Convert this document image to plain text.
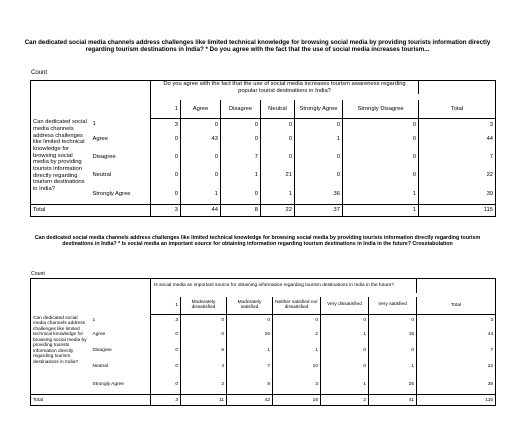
Can dedicated social media channels address challenges like limited technical knowledge for browsing social media by providing tourists information directly regarding tourism destinations in India? * Do you agree with the fact that the use of social media increases tourism...
Count
		Do you agree with the fact that the use of social media increases tourism awareness regarding popular tourist destinations in India?						

		1	Agree	Disagree	Neutral	Strongly Agree	Strongly Disagree	Total
Can dedicated social media channels address challenges like limited technical knowledge for browsing social media by providing tourists information directly regarding tourism destinations in India?	1	3	0	0	0	0	0	3
	Agree	0	43	0	0	1	0	44
	Disagree	0	0	7	0	0	0	7
	Neutral	0	0	1	21	0	0	22
	Strongly Agree	0	1	0	1	36	1	39
Total		3	44	8	22	37	1	115
Can dedicated social media channels address challenges like limited technical knowledge for browsing social media by providing tourists information directly regarding tourism destinations in India? * Is social media an important source for obtaining information regarding tourism destinations in India in the future? Crosstabulation
Count
		Is social media an important source for obtaining information regarding tourism destinations in India in the future?						

		1	Moderately dissatisfied	Moderately satisfied	Neither satisfied nor dissatisfied	Very dissatisfied	Very satisfied	Total
Can dedicated social media channels address challenges like limited technical knowledge for browsing social media by providing tourists information directly regarding tourism destinations in India?	1	3	0	0	0	0	0	3
	Agree	0	0	26	2	1	15	44
	Disagree	0	5	1	1	0	0	7
	Neutral	0	4	7	10	0	1	22
	Strongly Agree	0	2	8	3	1	25	39
Total		3	11	42	16	2	41	115
